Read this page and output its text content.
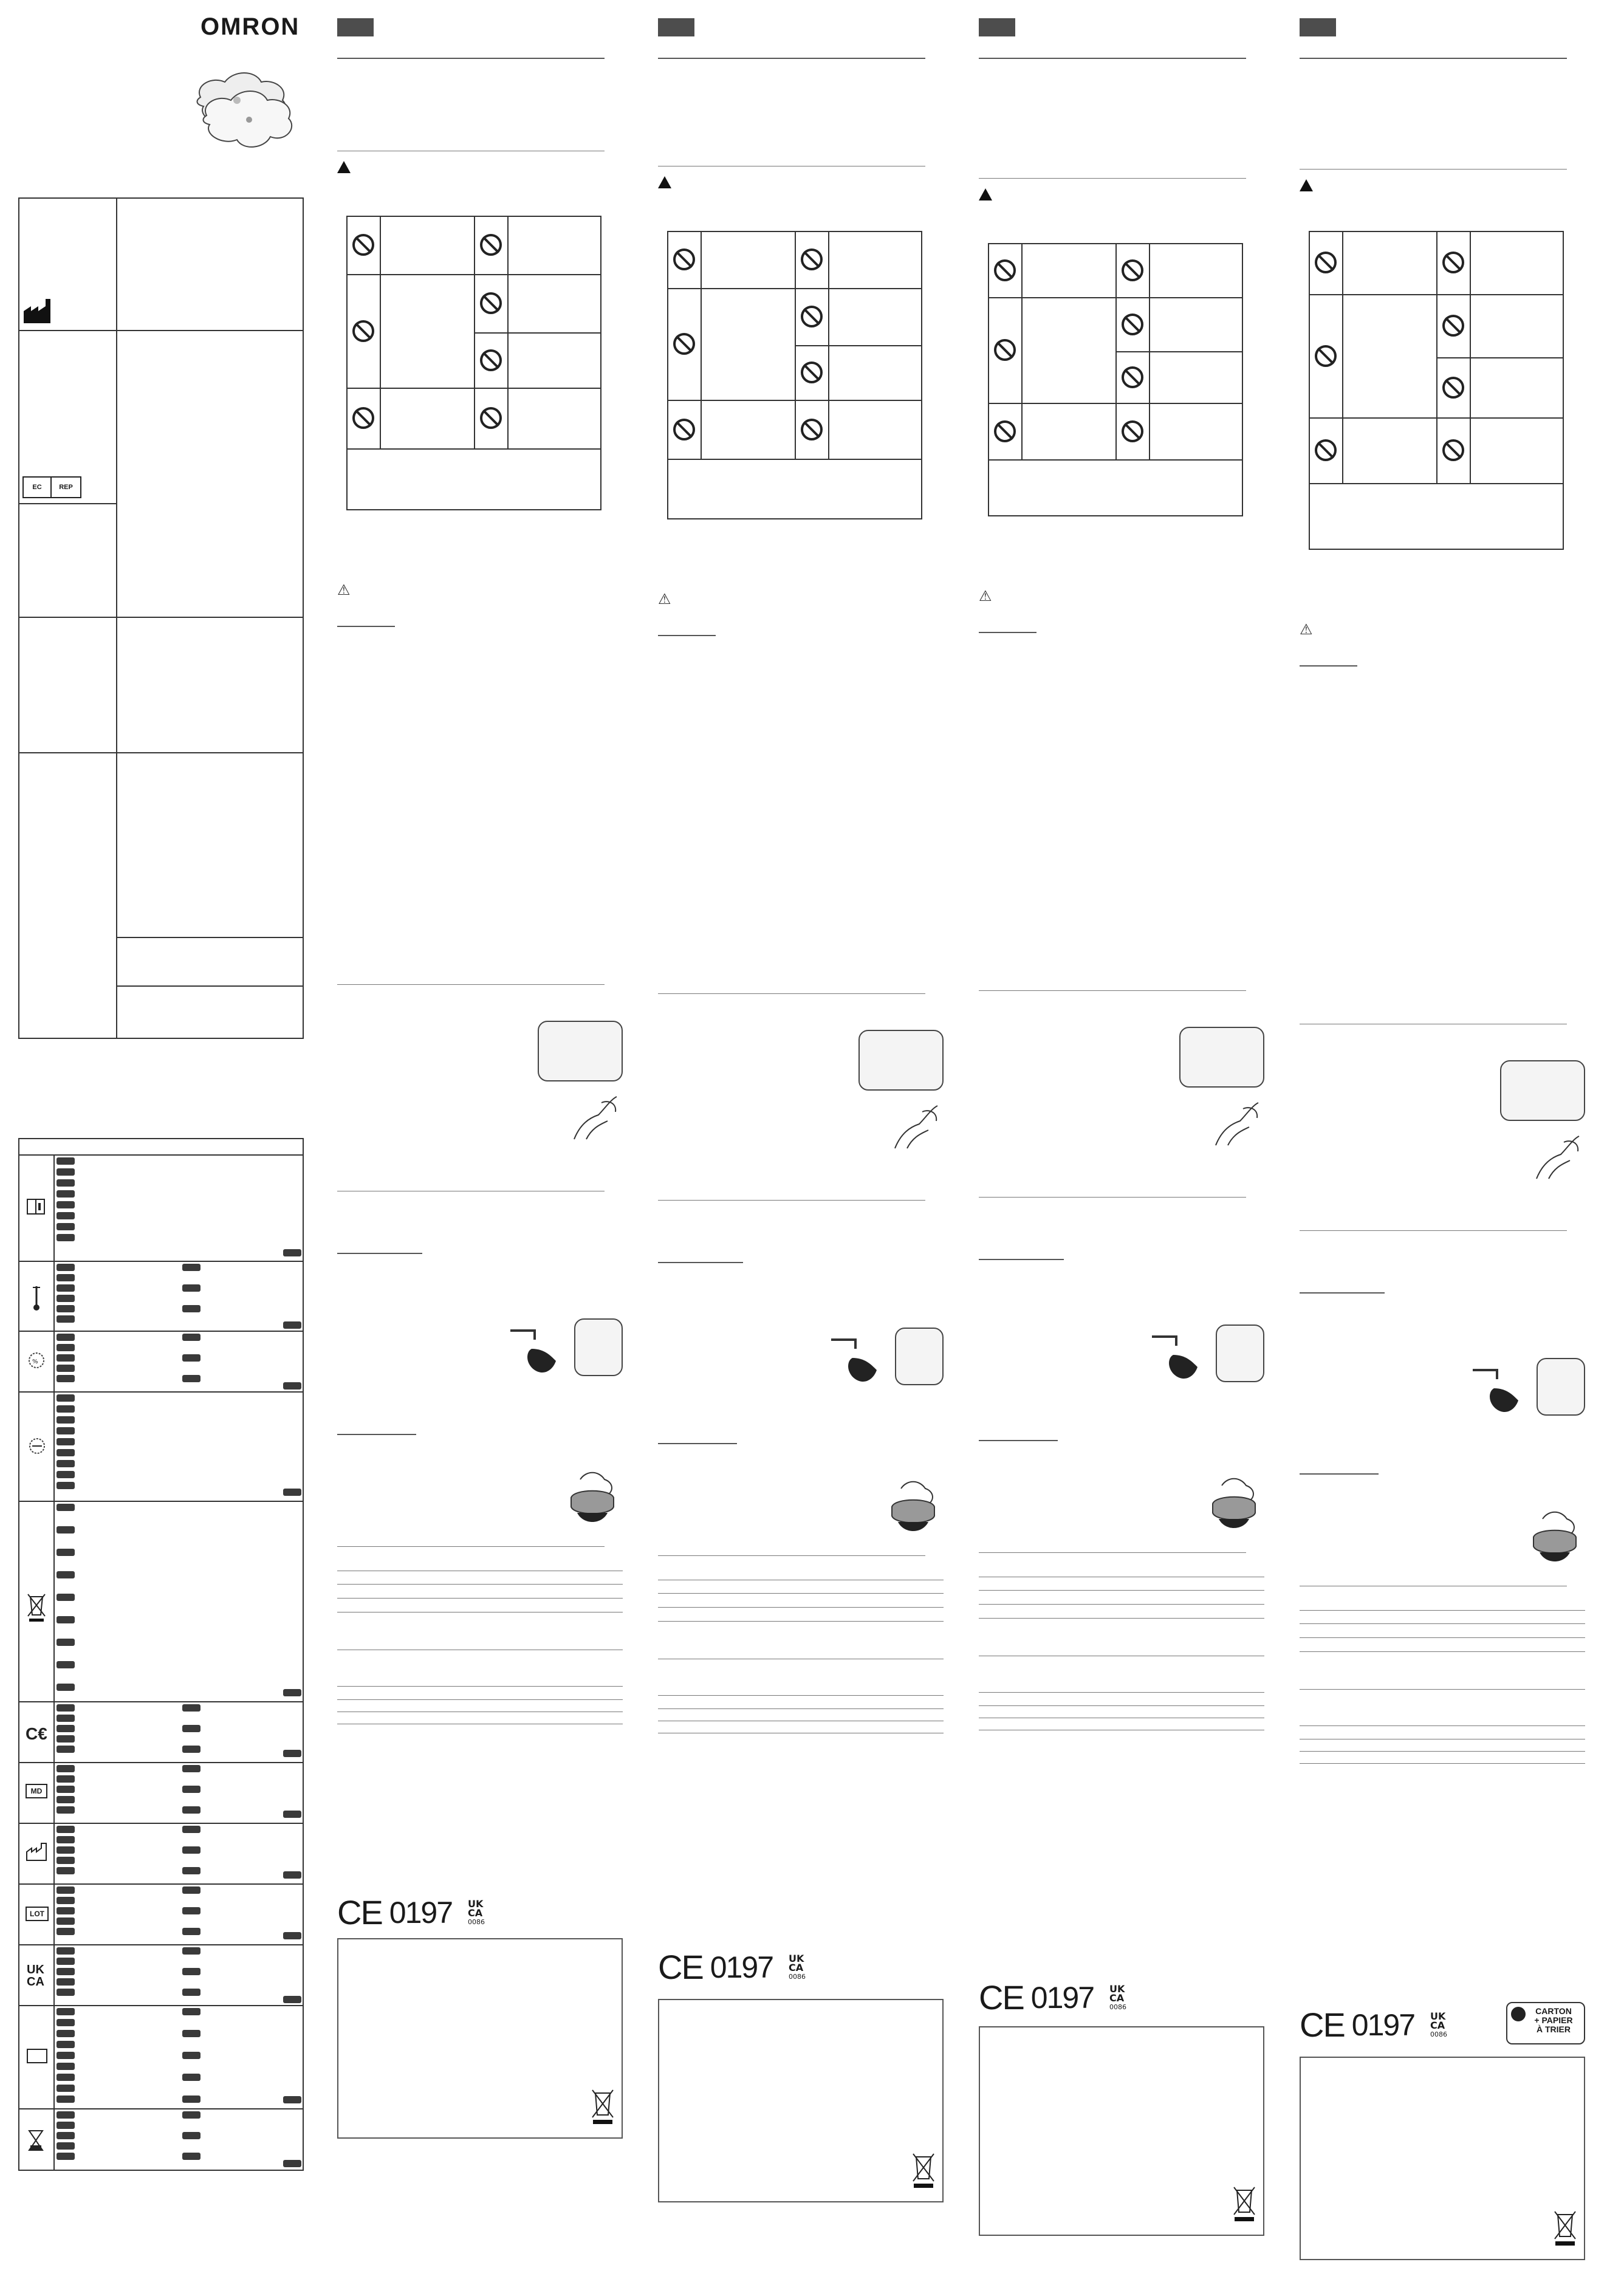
OMRON
EC	REP
%
C€
MD
LOT
UK
CA
⚠
CE 0197 UK
CA
0086
⚠
CE 0197 UK
CA
0086
⚠
CE 0197 UK
CA
0086
⚠
CE 0197 UK
CA
0086
CARTON
+ PAPIER
À TRIER
